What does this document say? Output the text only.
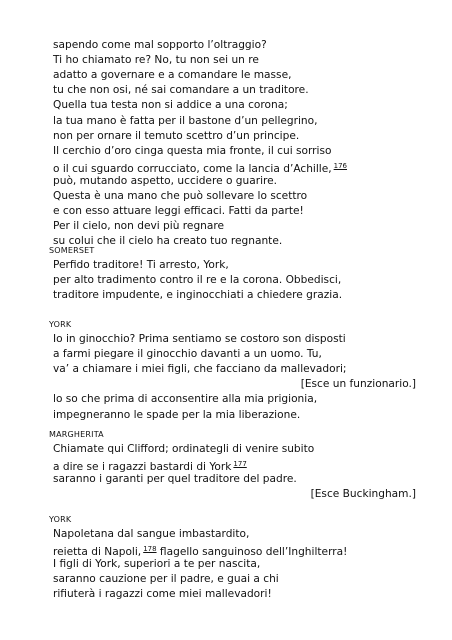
sapendo come mal sopporto l’oltraggio?
Ti ho chiamato re? No, tu non sei un re
adatto a governare e a comandare le masse,
tu che non osi, né sai comandare a un traditore.
Quella tua testa non si addice a una corona;
la tua mano è fatta per il bastone d’un pellegrino,
non per ornare il temuto scettro d’un principe.
Il cerchio d’oro cinga questa mia fronte, il cui sorriso
o il cui sguardo corrucciato, come la lancia d’Achille, $^{176}$
può, mutando aspetto, uccidere o guarire.
Questa è una mano che può sollevare lo scettro
e con esso attuare leggi efficaci. Fatti da parte!
Per il cielo, non devi più regnare
su colui che il cielo ha creato tuo regnante.
SOMERSET
Perfido traditore! Ti arresto, York,
per alto tradimento contro il re e la corona. Obbedisci,
traditore impudente, e inginocchiati a chiedere grazia.
YORK
Io in ginocchio? Prima sentiamo se costoro son disposti
a farmi piegare il ginocchio davanti a un uomo. Tu,
va’ a chiamare i miei figli, che facciano da mallevadori;
[Esce un funzionario.]
lo so che prima di acconsentire alla mia prigionia,
impegneranno le spade per la mia liberazione.
MARGHERITA
Chiamate qui Clifford; ordinategli di venire subito
a dire se i ragazzi bastardi di York $^{177}$
saranno i garanti per quel traditore del padre.
[Esce Buckingham.]
YORK
Napoletana dal sangue imbastardito,
reietta di Napoli, $^{178}$ flagello sanguinoso dell’Inghilterra!
I figli di York, superiori a te per nascita,
saranno cauzione per il padre, e guai a chi
rifiuterà i ragazzi come miei mallevadori!
